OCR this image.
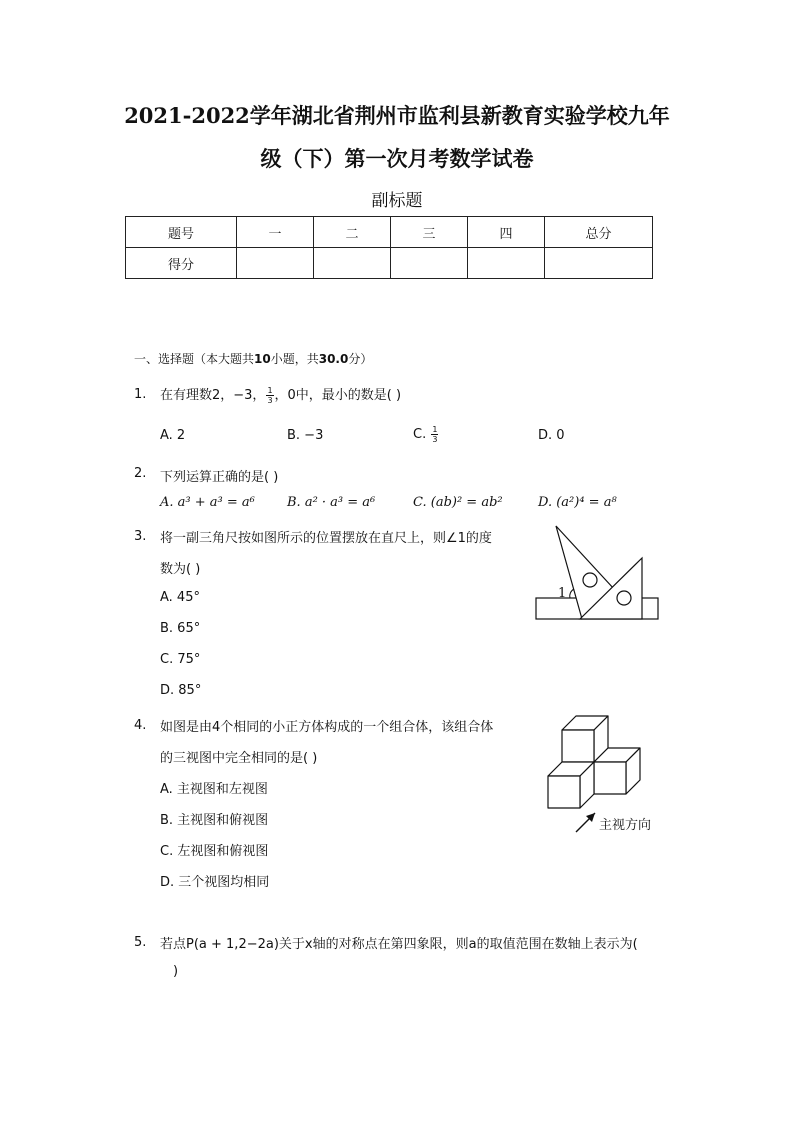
2021-2022学年湖北省荆州市监利县新教育实验学校九年
级（下）第一次月考数学试卷
副标题
题号	一	二	三	四	总分
得分					
一、选择题（本大题共10小题，共30.0分）
1. 在有理数2，−3， $\frac{1}{3}$ ，0中，最小的数是( )
A. 2	B. −3	C. $\frac{1}{3}$	D. 0
2. 下列运算正确的是( )
A. a³ + a³ = a⁶ B. a² · a³ = a⁶	C. (ab)² = ab²	D. (a²)⁴ = a⁸
3. 将一副三角尺按如图所示的位置摆放在直尺上，则∠1的度
数为( )
A. 45°
B. 65°
C. 75°
D. 85°
1
4. 如图是由4个相同的小正方体构成的一个组合体，该组合体
的三视图中完全相同的是( )
A. 主视图和左视图
B. 主视图和俯视图
C. 左视图和俯视图
D. 三个视图均相同
主视方向
5. 若点P(a + 1,2−2a)关于x轴的对称点在第四象限，则a的取值范围在数轴上表示为(
)
